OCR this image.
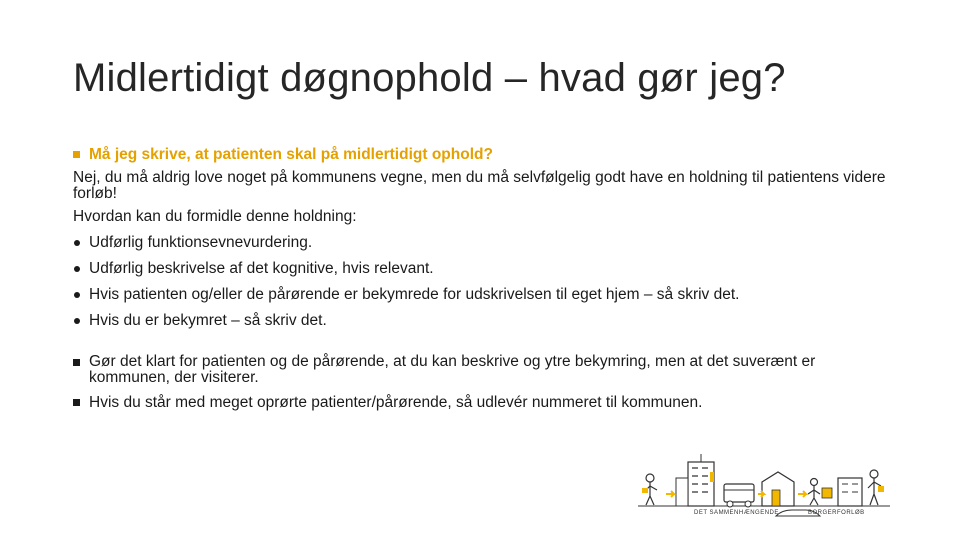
Midlertidigt døgnophold – hvad gør jeg?
Må jeg skrive, at patienten skal på midlertidigt ophold?
Nej, du må aldrig love noget på kommunens vegne, men du må selvfølgelig godt have en holdning til patientens videre forløb!
Hvordan kan du formidle denne holdning:
Udførlig funktionsevnevurdering.
Udførlig beskrivelse af det kognitive, hvis relevant.
Hvis patienten og/eller de pårørende er bekymrede for udskrivelsen til eget hjem – så skriv det.
Hvis du er bekymret – så skriv det.
Gør det klart for patienten og de pårørende, at du kan beskrive og ytre bekymring, men at det suverænt er kommunen, der visiterer.
Hvis du står med meget oprørte patienter/pårørende, så udlevér nummeret til kommunen.
DET SAMMENHÆNGENDE	BORGERFORLØB
